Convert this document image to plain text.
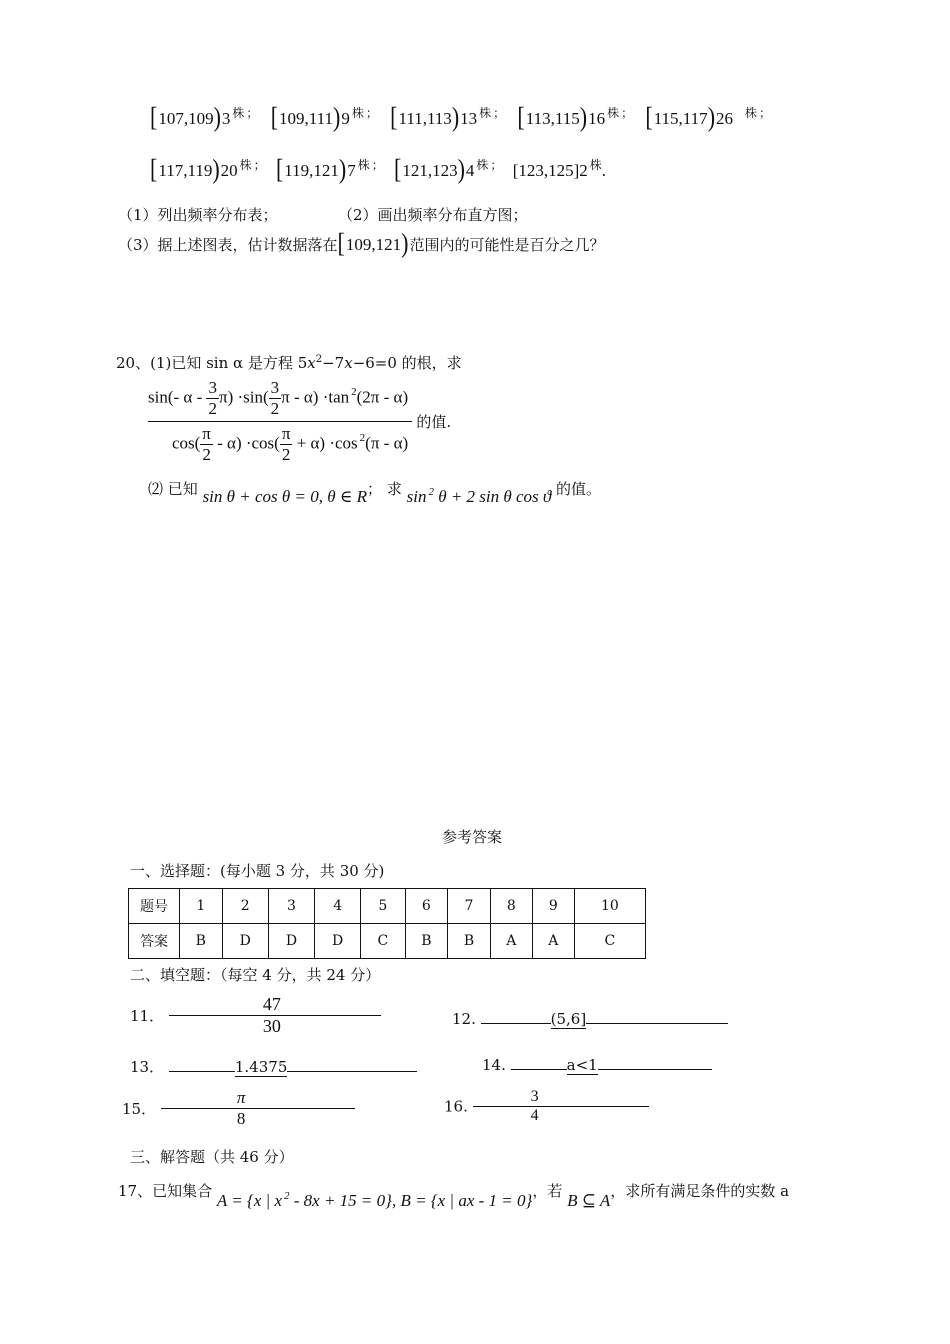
[107,109)3 $^株$ ； [109,111)9 $^株$ ； [111,113)13 $^株$ ； [113,115)16 $^株$ ； [115,117)26 $^株$ ；
[117,119)20 $^株$ ； [119,121)7 $^株$ ； [121,123)4 $^株$ ； [123,125]2 $^株$.
（1）列出频率分布表；	（2）画出频率分布直方图；
（3）据上述图表，估计数据落在[109,121)范围内的可能性是百分之几？
20、(1)已知 sin α 是方程 $5x^2-7x-6=0$ 的根，求
$\frac{\sin(- \alpha - \frac{3}{2} \pi) \cdot\sin( \frac{3}{2} \pi - \alpha) \cdot\tan ^2(2\pi - \alpha)}{\cos( \frac{\pi}{2} - \alpha) \cdot\cos( \frac{\pi}{2} + \alpha) \cdot\cos ^2(\pi - \alpha)}$ 的值.
⑵ 已知 sin θ + cos θ = 0, θ ∈ R； 求 sin $^2$ θ + 2 sin θ cos ϑ 的值。
参考答案
一、选择题：(每小题 3 分，共 30 分)
题号	1	2	3	4	5	6	7	8	9	10
答案	B	D	D	D	C	B	B	A	A	C
二、填空题：（每空 4 分，共 24 分）
11．	$\frac{47}{30}$	12.	(5,6]
13．	1.4375	14.	a<1
15．	$\frac{\pi}{8}$	16.	$\frac{3}{4}$
三、解答题（共 46 分）
17、已知集合 A = {x | x $^2$ - 8x + 15 = 0}, B = {x | ax - 1 = 0}，若 B ⊆ A，求所有满足条件的实数 a
